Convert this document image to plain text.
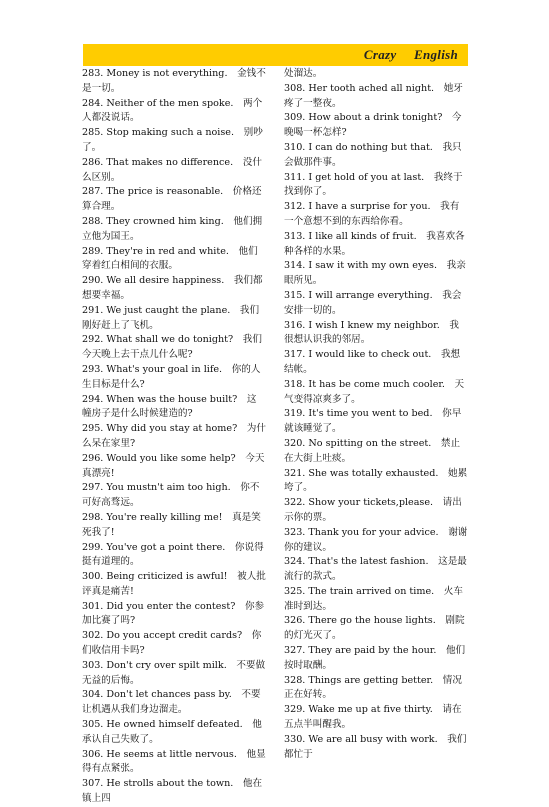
Crazy English
283. Money is not everything.　金钱不是一切。
284. Neither of the men spoke.　两个人都没说话。
285. Stop making such a noise.　别吵了。
286. That makes no difference.　没什么区别。
287. The price is reasonable.　价格还算合理。
288. They crowned him king.　他们拥立他为国王。
289. They're in red and white.　他们穿着红白相间的衣服。
290. We all desire happiness.　我们都想要幸福。
291. We just caught the plane.　我们刚好赶上了飞机。
292. What shall we do tonight?　我们今天晚上去干点儿什么呢?
293. What's your goal in life.　你的人生目标是什么?
294. When was the house built?　这幢房子是什么时候建造的?
295. Why did you stay at home?　为什么呆在家里?
296. Would you like some help?　今天真漂亮!
297. You mustn't aim too high.　你不可好高骛远。
298. You're really killing me!　真是笑死我了!
299. You've got a point there.　你说得挺有道理的。
300. Being criticized is awful!　被人批评真是痛苦!
301. Did you enter the contest?　你参加比赛了吗?
302. Do you accept credit cards?　你们收信用卡吗?
303. Don't cry over spilt milk.　不要做无益的后悔。
304. Don't let chances pass by.　不要让机遇从我们身边溜走。
305. He owned himself defeated.　他承认自己失败了。
306. He seems at little nervous.　他显得有点紧张。
307. He strolls about the town.　他在镇上四
处溜达。
308. Her tooth ached all night.　她牙疼了一整夜。
309. How about a drink tonight?　今晚喝一杯怎样?
310. I can do nothing but that.　我只会做那件事。
311. I get hold of you at last.　我终于找到你了。
312. I have a surprise for you.　我有一个意想不到的东西给你看。
313. I like all kinds of fruit.　我喜欢各种各样的水果。
314. I saw it with my own eyes.　我亲眼所见。
315. I will arrange everything.　我会安排一切的。
316. I wish I knew my neighbor.　我很想认识我的邻居。
317. I would like to check out.　我想结帐。
318. It has be come much cooler.　天气变得凉爽多了。
319. It's time you went to bed.　你早就该睡觉了。
320. No spitting on the street.　禁止在大街上吐痰。
321. She was totally exhausted.　她累垮了。
322. Show your tickets,please.　请出示你的票。
323. Thank you for your advice.　谢谢你的建议。
324. That's the latest fashion.　这是最流行的款式。
325. The train arrived on time.　火车准时到达。
326. There go the house lights.　剧院的灯光灭了。
327. They are paid by the hour.　他们按时取酬。
328. Things are getting better.　情况正在好转。
329. Wake me up at five thirty.　请在五点半叫醒我。
330. We are all busy with work.　我们都忙于
